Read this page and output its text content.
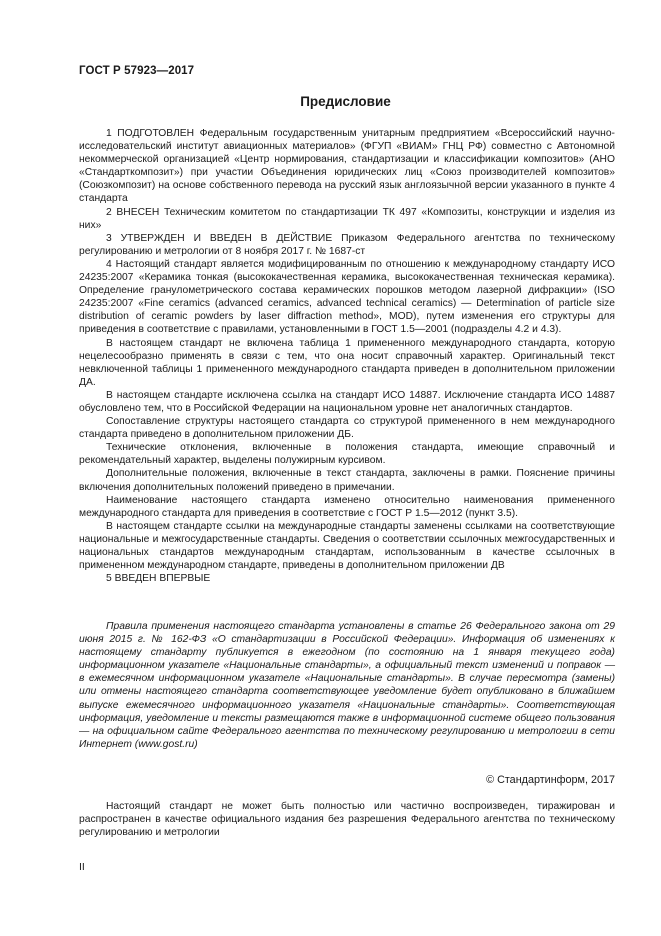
ГОСТ Р 57923—2017
Предисловие

1 ПОДГОТОВЛЕН Федеральным государственным унитарным предприятием «Всероссийский научно-исследовательский институт авиационных материалов» (ФГУП «ВИАМ» ГНЦ РФ) совместно с Автономной некоммерческой организацией «Центр нормирования, стандартизации и классификации композитов» (АНО «Стандарткомпозит») при участии Объединения юридических лиц «Союз производителей композитов» (Союзкомпозит) на основе собственного перевода на русский язык англоязычной версии указанного в пункте 4 стандарта

2 ВНЕСЕН Техническим комитетом по стандартизации ТК 497 «Композиты, конструкции и изделия из них»

3 УТВЕРЖДЕН И ВВЕДЕН В ДЕЙСТВИЕ Приказом Федерального агентства по техническому регулированию и метрологии от 8 ноября 2017 г. № 1687-ст

4 Настоящий стандарт является модифицированным по отношению к международному стандарту ИСО 24235:2007 «Керамика тонкая (высококачественная керамика, высококачественная техническая керамика). Определение гранулометрического состава керамических порошков методом лазерной дифракции» (ISO 24235:2007 «Fine ceramics (advanced ceramics, advanced technical ceramics) — Determination of particle size distribution of ceramic powders by laser diffraction method», MOD), путем изменения его структуры для приведения в соответствие с правилами, установленными в ГОСТ 1.5—2001 (подразделы 4.2 и 4.3).

В настоящем стандарт не включена таблица 1 примененного международного стандарта, которую нецелесообразно применять в связи с тем, что она носит справочный характер. Оригинальный текст невключенной таблицы 1 примененного международного стандарта приведен в дополнительном приложении ДА.

В настоящем стандарте исключена ссылка на стандарт ИСО 14887. Исключение стандарта ИСО 14887 обусловлено тем, что в Российской Федерации на национальном уровне нет аналогичных стандартов.

Сопоставление структуры настоящего стандарта со структурой примененного в нем международного стандарта приведено в дополнительном приложении ДБ.

Технические отклонения, включенные в положения стандарта, имеющие справочный и рекомендательный характер, выделены полужирным курсивом.

Дополнительные положения, включенные в текст стандарта, заключены в рамки. Пояснение причины включения дополнительных положений приведено в примечании.

Наименование настоящего стандарта изменено относительно наименования примененного международного стандарта для приведения в соответствие с ГОСТ Р 1.5—2012 (пункт 3.5).

В настоящем стандарте ссылки на международные стандарты заменены ссылками на соответствующие национальные и межгосударственные стандарты. Сведения о соответствии ссылочных межгосударственных и национальных стандартов международным стандартам, использованным в качестве ссылочных в примененном международном стандарте, приведены в дополнительном приложении ДВ

5 ВВЕДЕН ВПЕРВЫЕ

Правила применения настоящего стандарта установлены в статье 26 Федерального закона от 29 июня 2015 г. № 162-ФЗ «О стандартизации в Российской Федерации». Информация об изменениях к настоящему стандарту публикуется в ежегодном (по состоянию на 1 января текущего года) информационном указателе «Национальные стандарты», а официальный текст изменений и поправок — в ежемесячном информационном указателе «Национальные стандарты». В случае пересмотра (замены) или отмены настоящего стандарта соответствующее уведомление будет опубликовано в ближайшем выпуске ежемесячного информационного указателя «Национальные стандарты». Соответствующая информация, уведомление и тексты размещаются также в информационной системе общего пользования — на официальном сайте Федерального агентства по техническому регулированию и метрологии в сети Интернет (www.gost.ru)

© Стандартинформ, 2017

Настоящий стандарт не может быть полностью или частично воспроизведен, тиражирован и распространен в качестве официального издания без разрешения Федерального агентства по техническому регулированию и метрологии

II
